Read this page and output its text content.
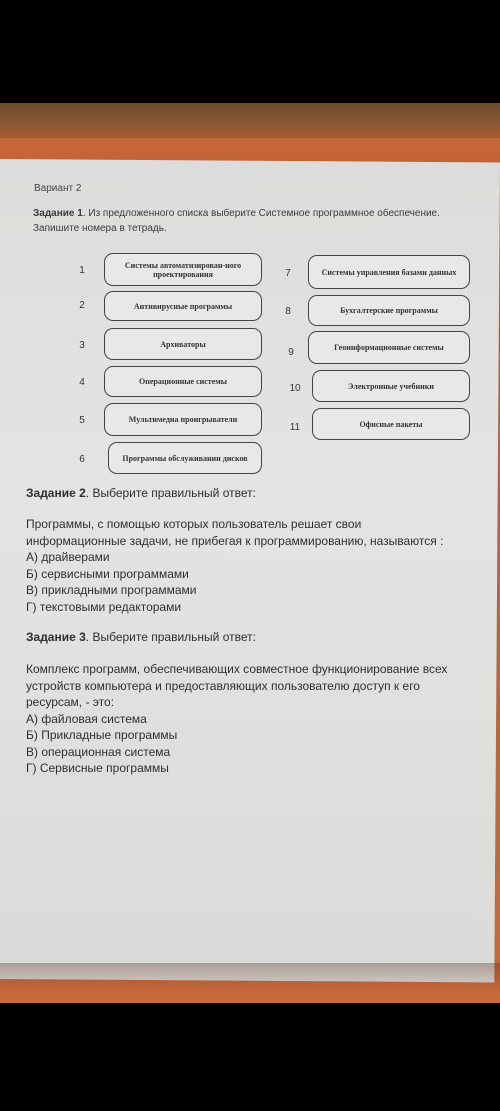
Вариант 2
Задание 1. Из предложенного списка выберите Системное программное обеспечение. Запишите номера в тетрадь.
1	Системы автоматизирован-ного проектирования
2	Антивирусные программы
3	Архиваторы
4	Операционные системы
5	Мультимедиа проигрыватели
6	Программы обслуживании дисков
7	Системы управления базами данных
8	Бухгалтерские программы
9	Геоинформационные системы
10	Электронные учебники
11	Офисные пакеты
Задание 2. Выберите правильный ответ:
Программы, с помощью которых пользователь решает свои
информационные задачи, не прибегая к программированию, называются :
А) драйверами
Б) сервисными программами
В) прикладными программами
Г) текстовыми редакторами
Задание 3. Выберите правильный ответ:
Комплекс программ, обеспечивающих совместное функционирование всех
устройств компьютера и предоставляющих пользователю доступ к его
ресурсам, - это:
А) файловая система
Б) Прикладные программы
В) операционная система
Г) Сервисные программы
